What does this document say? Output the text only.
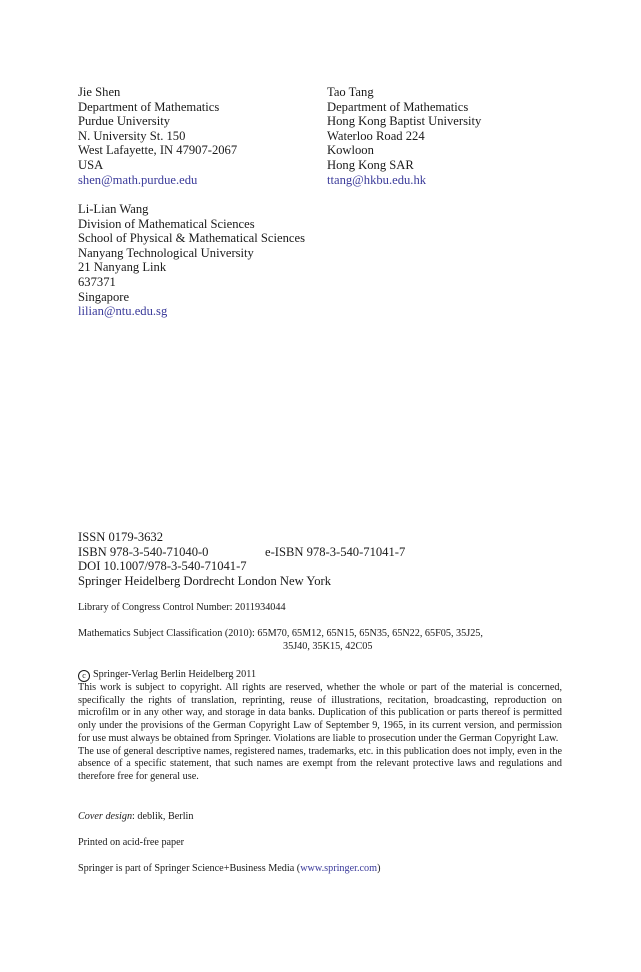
Jie Shen
Department of Mathematics
Purdue University
N. University St. 150
West Lafayette, IN 47907-2067
USA
shen@math.purdue.edu
Tao Tang
Department of Mathematics
Hong Kong Baptist University
Waterloo Road 224
Kowloon
Hong Kong SAR
ttang@hkbu.edu.hk
Li-Lian Wang
Division of Mathematical Sciences
School of Physical & Mathematical Sciences
Nanyang Technological University
21 Nanyang Link
637371
Singapore
lilian@ntu.edu.sg
ISSN 0179-3632
ISBN 978-3-540-71040-0	e-ISBN 978-3-540-71041-7
DOI 10.1007/978-3-540-71041-7
Springer Heidelberg Dordrecht London New York
Library of Congress Control Number: 2011934044
Mathematics Subject Classification (2010): 65M70, 65M12, 65N15, 65N35, 65N22, 65F05, 35J25,
35J40, 35K15, 42C05
c Springer-Verlag Berlin Heidelberg 2011
This work is subject to copyright. All rights are reserved, whether the whole or part of the material is concerned, specifically the rights of translation, reprinting, reuse of illustrations, recitation, broadcasting, reproduction on microfilm or in any other way, and storage in data banks. Duplication of this publication or parts thereof is permitted only under the provisions of the German Copyright Law of September 9, 1965, in its current version, and permission for use must always be obtained from Springer. Violations are liable to prosecution under the German Copyright Law.
The use of general descriptive names, registered names, trademarks, etc. in this publication does not imply, even in the absence of a specific statement, that such names are exempt from the relevant protective laws and regulations and therefore free for general use.
Cover design: deblik, Berlin
Printed on acid-free paper
Springer is part of Springer Science+Business Media (www.springer.com)
